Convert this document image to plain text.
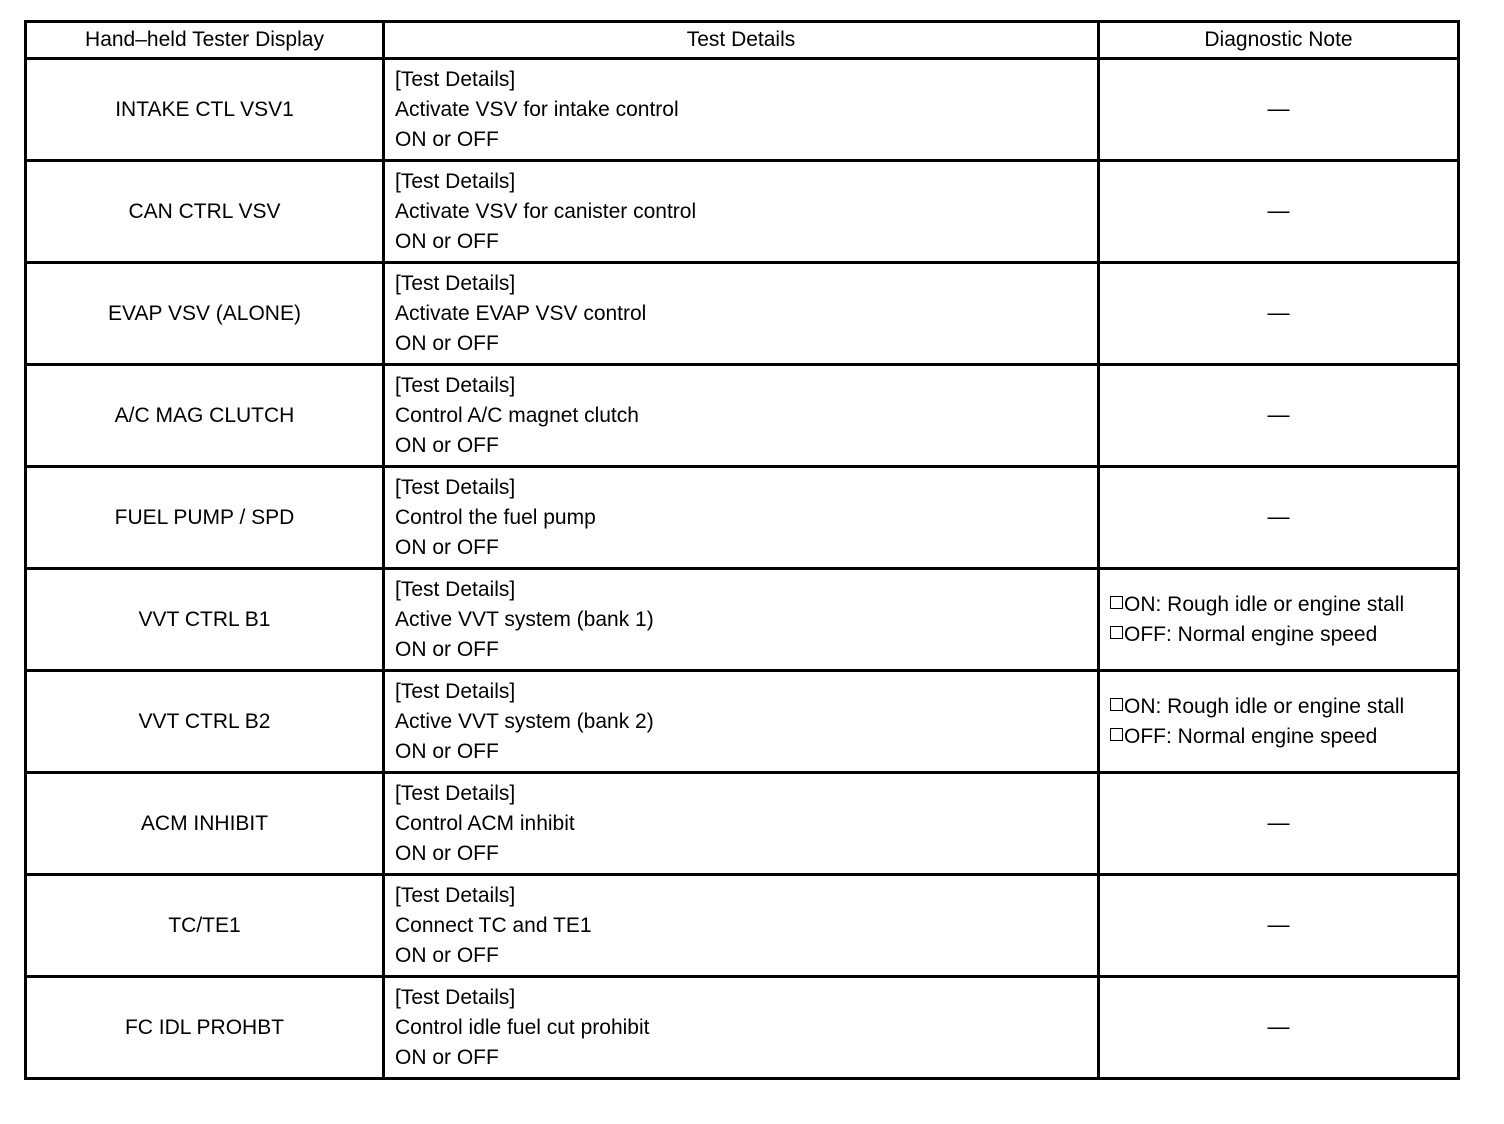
Hand–held Tester Display	Test Details	Diagnostic Note
INTAKE CTL VSV1	[Test Details]
Activate VSV for intake control
ON or OFF	—
CAN CTRL VSV	[Test Details]
Activate VSV for canister control
ON or OFF	—
EVAP VSV (ALONE)	[Test Details]
Activate EVAP VSV control
ON or OFF	—
A/C MAG CLUTCH	[Test Details]
Control A/C magnet clutch
ON or OFF	—
FUEL PUMP / SPD	[Test Details]
Control the fuel pump
ON or OFF	—
VVT CTRL B1	[Test Details]
Active VVT system (bank 1)
ON or OFF	ON: Rough idle or engine stall
OFF: Normal engine speed

VVT CTRL B2	[Test Details]
Active VVT system (bank 2)
ON or OFF	ON: Rough idle or engine stall
OFF: Normal engine speed

ACM INHIBIT	[Test Details]
Control ACM inhibit
ON or OFF	—
TC/TE1	[Test Details]
Connect TC and TE1
ON or OFF	—
FC IDL PROHBT	[Test Details]
Control idle fuel cut prohibit
ON or OFF	—
